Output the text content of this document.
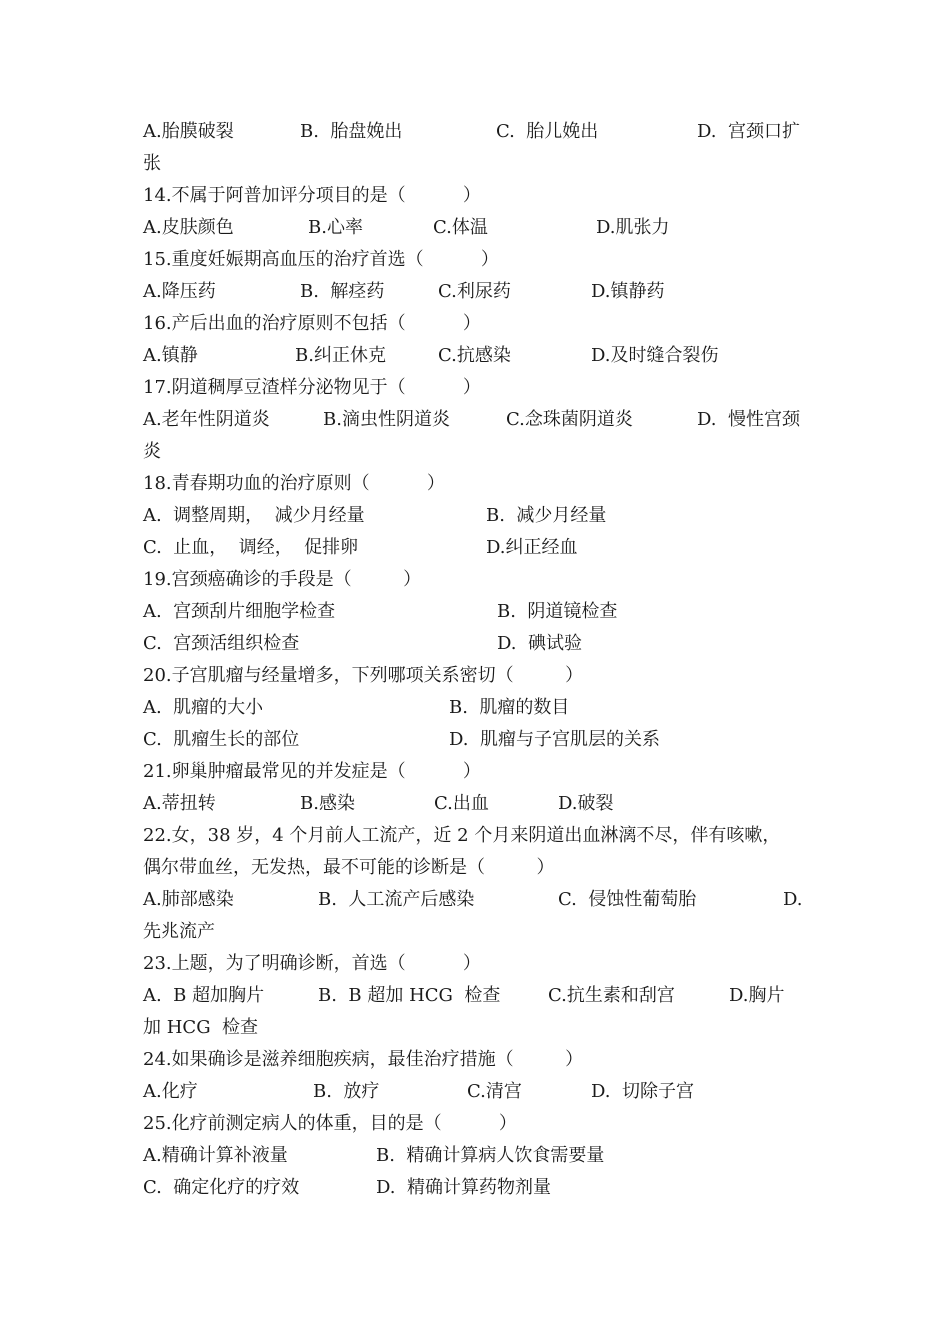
A.胎膜破裂

	B.  胎盘娩出

	C.  胎儿娩出

	D.  宫颈口扩

张
14.不属于阿普加评分项目的是（          ）

A.皮肤颜色

	B.心率

	C.体温

	D.肌张力

15.重度妊娠期高血压的治疗首选（          ）

A.降压药

	B.  解痉药

	C.利尿药

	D.镇静药

16.产后出血的治疗原则不包括（          ）

A.镇静

	B.纠正休克

	C.抗感染

	D.及时缝合裂伤

17.阴道稠厚豆渣样分泌物见于（          ）

A.老年性阴道炎

	B.滴虫性阴道炎

	C.念珠菌阴道炎

	D.  慢性宫颈

炎
18.青春期功血的治疗原则（          ）

A.  调整周期，  减少月经量

	B.  减少月经量

C.  止血，  调经，  促排卵

	D.纠正经血

19.宫颈癌确诊的手段是（         ）

A.  宫颈刮片细胞学检查

	B.  阴道镜检查

C.  宫颈活组织检查

	D.  碘试验

20.子宫肌瘤与经量增多，下列哪项关系密切（         ）

A.  肌瘤的大小

	B.  肌瘤的数目

C.  肌瘤生长的部位

	D.  肌瘤与子宫肌层的关系

21.卵巢肿瘤最常见的并发症是（          ）

A.蒂扭转

	B.感染

	C.出血

	D.破裂

22.女，38 岁，4 个月前人工流产，近 2 个月来阴道出血淋漓不尽，伴有咳嗽，
偶尔带血丝，无发热，最不可能的诊断是（         ）

A.肺部感染

	B.  人工流产后感染

	C.  侵蚀性葡萄胎

	D.

先兆流产
23.上题，为了明确诊断，首选（          ）

A.  B 超加胸片

	B.  B 超加 HCG  检查

	C.抗生素和刮宫

	D.胸片

加 HCG  检查
24.如果确诊是滋养细胞疾病，最佳治疗措施（         ）

A.化疗

	B.  放疗

	C.清宫

	D.  切除子宫

25.化疗前测定病人的体重，目的是（          ）

A.精确计算补液量

	B.  精确计算病人饮食需要量

C.  确定化疗的疗效

	D.  精确计算药物剂量
